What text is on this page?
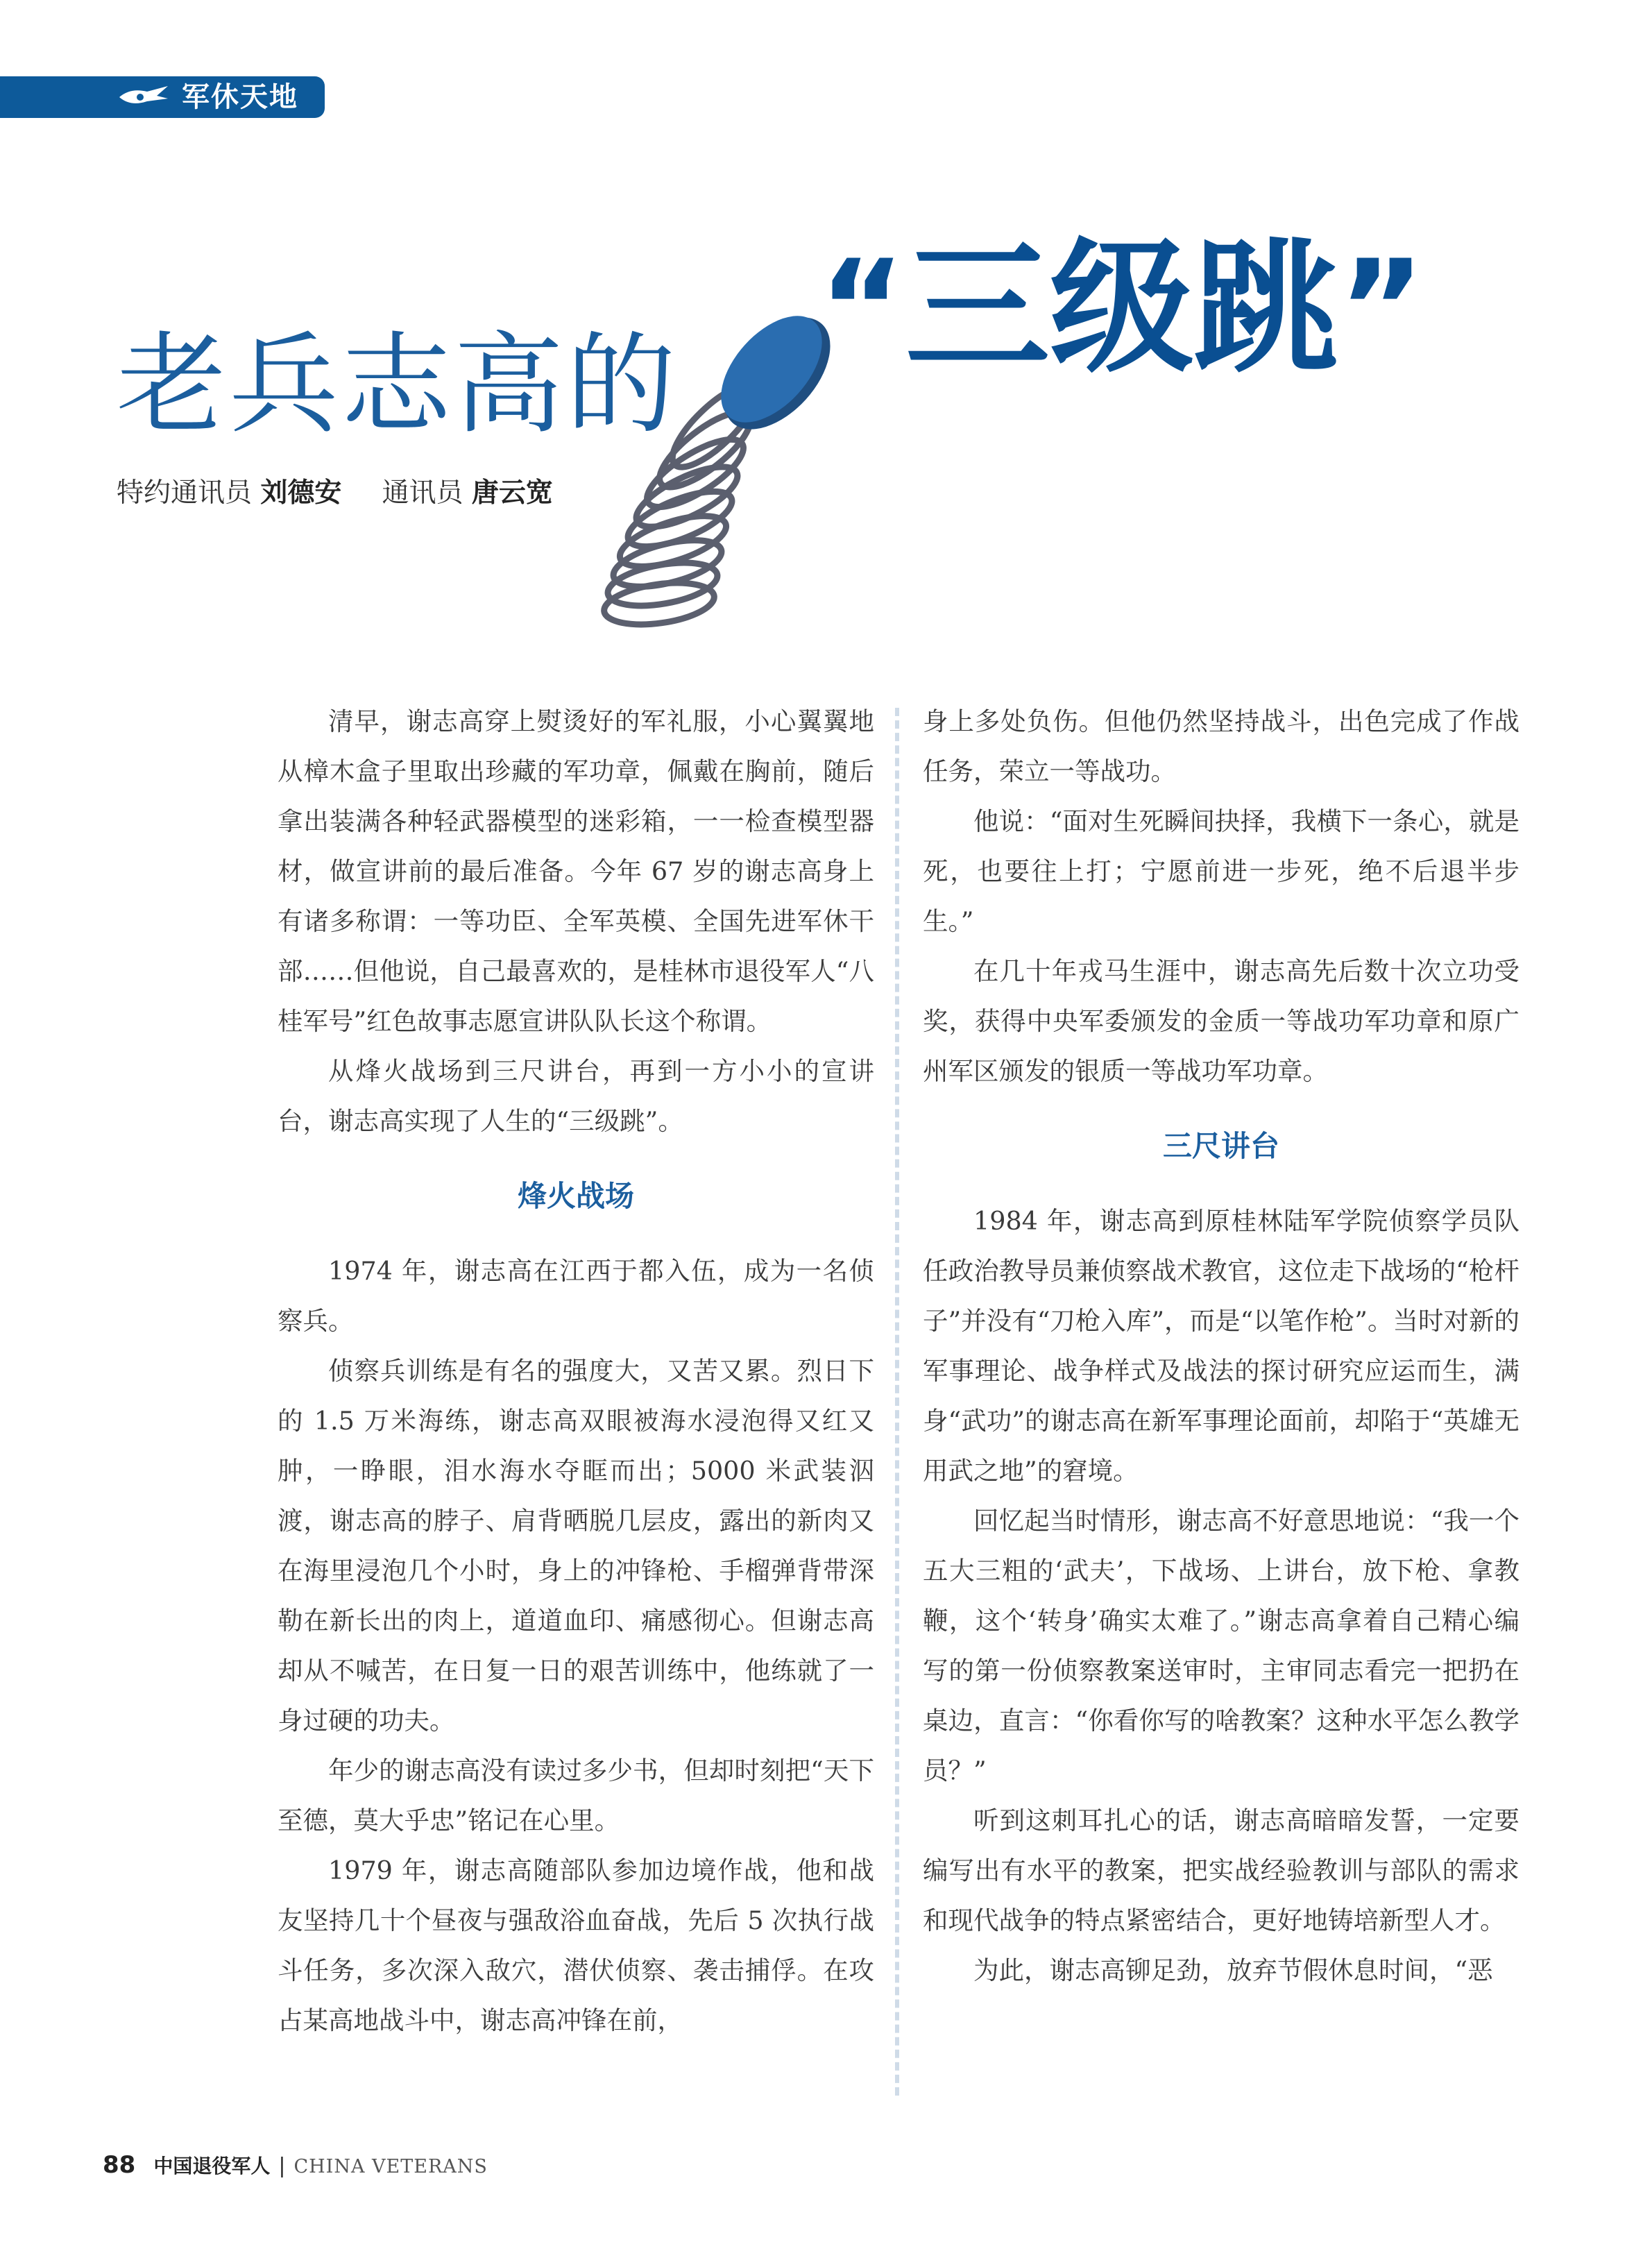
军休天地
老兵志高的 “三级跳”
特约通讯员 刘德安 通讯员 唐云宽

清早，谢志高穿上熨烫好的军礼服，小心翼翼地从樟木盒子里取出珍藏的军功章，佩戴在胸前，随后拿出装满各种轻武器模型的迷彩箱，一一检查模型器材，做宣讲前的最后准备。今年 67 岁的谢志高身上有诸多称谓：一等功臣、全军英模、全国先进军休干部……但他说，自己最喜欢的，是桂林市退役军人“八桂军号”红色故事志愿宣讲队队长这个称谓。

从烽火战场到三尺讲台，再到一方小小的宣讲台，谢志高实现了人生的“三级跳”。

烽火战场

1974 年，谢志高在江西于都入伍，成为一名侦察兵。

侦察兵训练是有名的强度大，又苦又累。烈日下的 1.5 万米海练，谢志高双眼被海水浸泡得又红又肿，一睁眼，泪水海水夺眶而出；5000 米武装泅渡，谢志高的脖子、肩背晒脱几层皮，露出的新肉又在海里浸泡几个小时，身上的冲锋枪、手榴弹背带深勒在新长出的肉上，道道血印、痛感彻心。但谢志高却从不喊苦，在日复一日的艰苦训练中，他练就了一身过硬的功夫。

年少的谢志高没有读过多少书，但却时刻把“天下至德，莫大乎忠”铭记在心里。

1979 年，谢志高随部队参加边境作战，他和战友坚持几十个昼夜与强敌浴血奋战，先后 5 次执行战斗任务，多次深入敌穴，潜伏侦察、袭击捕俘。在攻占某高地战斗中，谢志高冲锋在前，

身上多处负伤。但他仍然坚持战斗，出色完成了作战任务，荣立一等战功。

他说：“面对生死瞬间抉择，我横下一条心，就是死，也要往上打；宁愿前进一步死，绝不后退半步生。”

在几十年戎马生涯中，谢志高先后数十次立功受奖，获得中央军委颁发的金质一等战功军功章和原广州军区颁发的银质一等战功军功章。

三尺讲台

1984 年，谢志高到原桂林陆军学院侦察学员队任政治教导员兼侦察战术教官，这位走下战场的“枪杆子”并没有“刀枪入库”，而是“以笔作枪”。当时对新的军事理论、战争样式及战法的探讨研究应运而生，满身“武功”的谢志高在新军事理论面前，却陷于“英雄无用武之地”的窘境。

回忆起当时情形，谢志高不好意思地说：“我一个五大三粗的‘武夫’，下战场、上讲台，放下枪、拿教鞭，这个‘转身’确实太难了。”谢志高拿着自己精心编写的第一份侦察教案送审时，主审同志看完一把扔在桌边，直言：“你看你写的啥教案？这种水平怎么教学员？”

听到这刺耳扎心的话，谢志高暗暗发誓，一定要编写出有水平的教案，把实战经验教训与部队的需求和现代战争的特点紧密结合，更好地铸培新型人才。

为此，谢志高铆足劲，放弃节假休息时间，“恶

88 中国退役军人 | CHINA VETERANS
